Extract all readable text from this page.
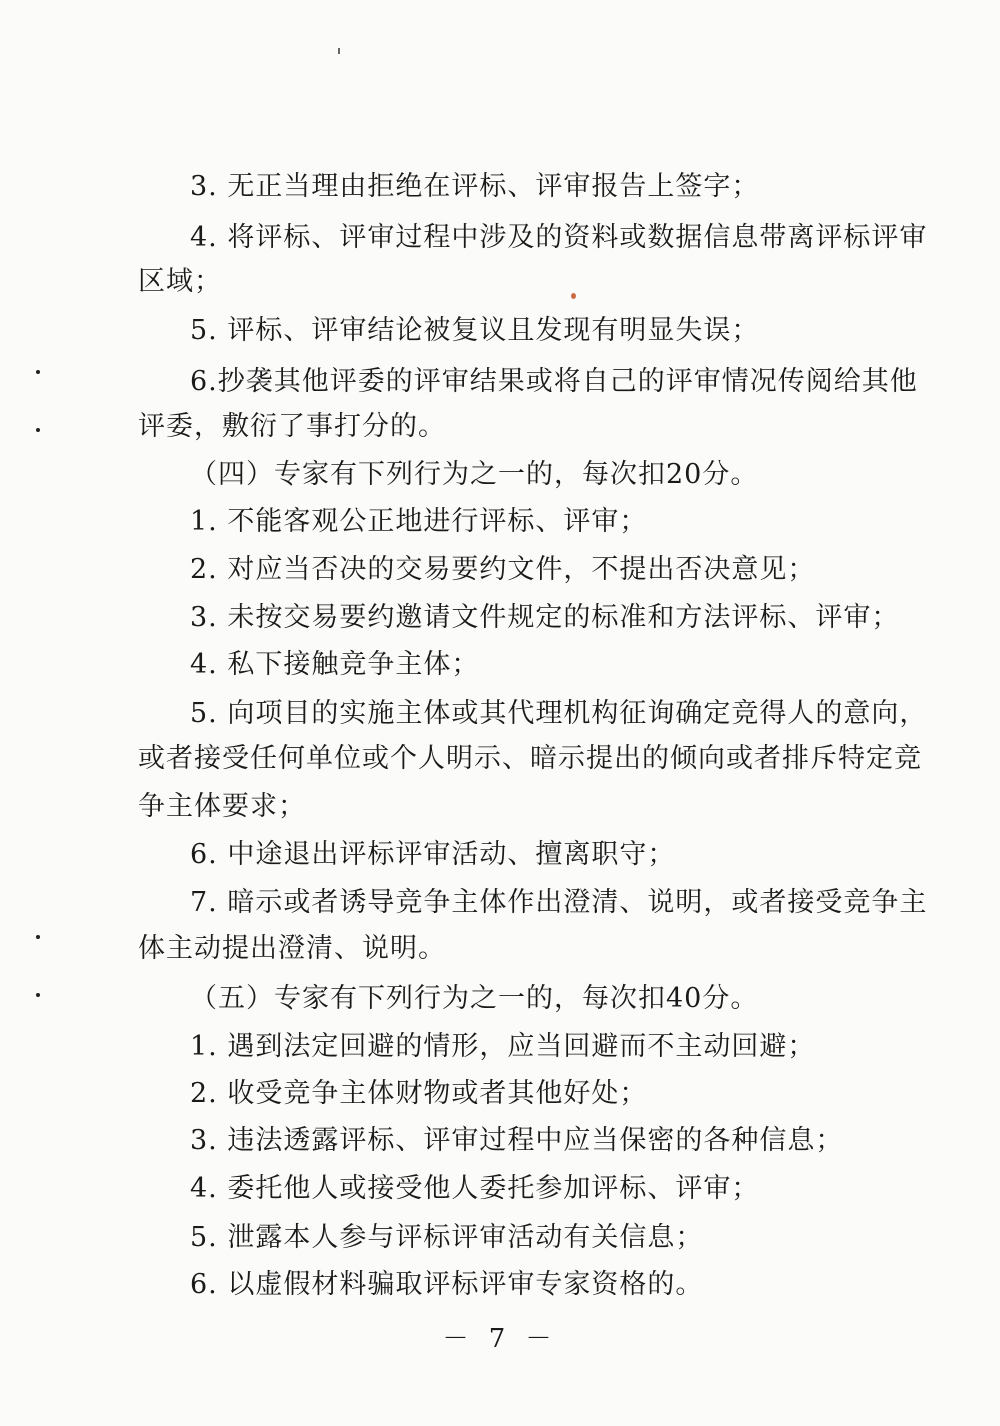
3. 无正当理由拒绝在评标、评审报告上签字；
4. 将评标、评审过程中涉及的资料或数据信息带离评标评审
区域；
5. 评标、评审结论被复议且发现有明显失误；
6.抄袭其他评委的评审结果或将自己的评审情况传阅给其他
评委，敷衍了事打分的。
（四）专家有下列行为之一的，每次扣20分。
1. 不能客观公正地进行评标、评审；
2. 对应当否决的交易要约文件，不提出否决意见；
3. 未按交易要约邀请文件规定的标准和方法评标、评审；
4. 私下接触竞争主体；
5. 向项目的实施主体或其代理机构征询确定竞得人的意向，
或者接受任何单位或个人明示、暗示提出的倾向或者排斥特定竞
争主体要求；
6. 中途退出评标评审活动、擅离职守；
7. 暗示或者诱导竞争主体作出澄清、说明，或者接受竞争主
体主动提出澄清、说明。
（五）专家有下列行为之一的，每次扣40分。
1. 遇到法定回避的情形，应当回避而不主动回避；
2. 收受竞争主体财物或者其他好处；
3. 违法透露评标、评审过程中应当保密的各种信息；
4. 委托他人或接受他人委托参加评标、评审；
5. 泄露本人参与评标评审活动有关信息；
6. 以虚假材料骗取评标评审专家资格的。
－ 7 －
